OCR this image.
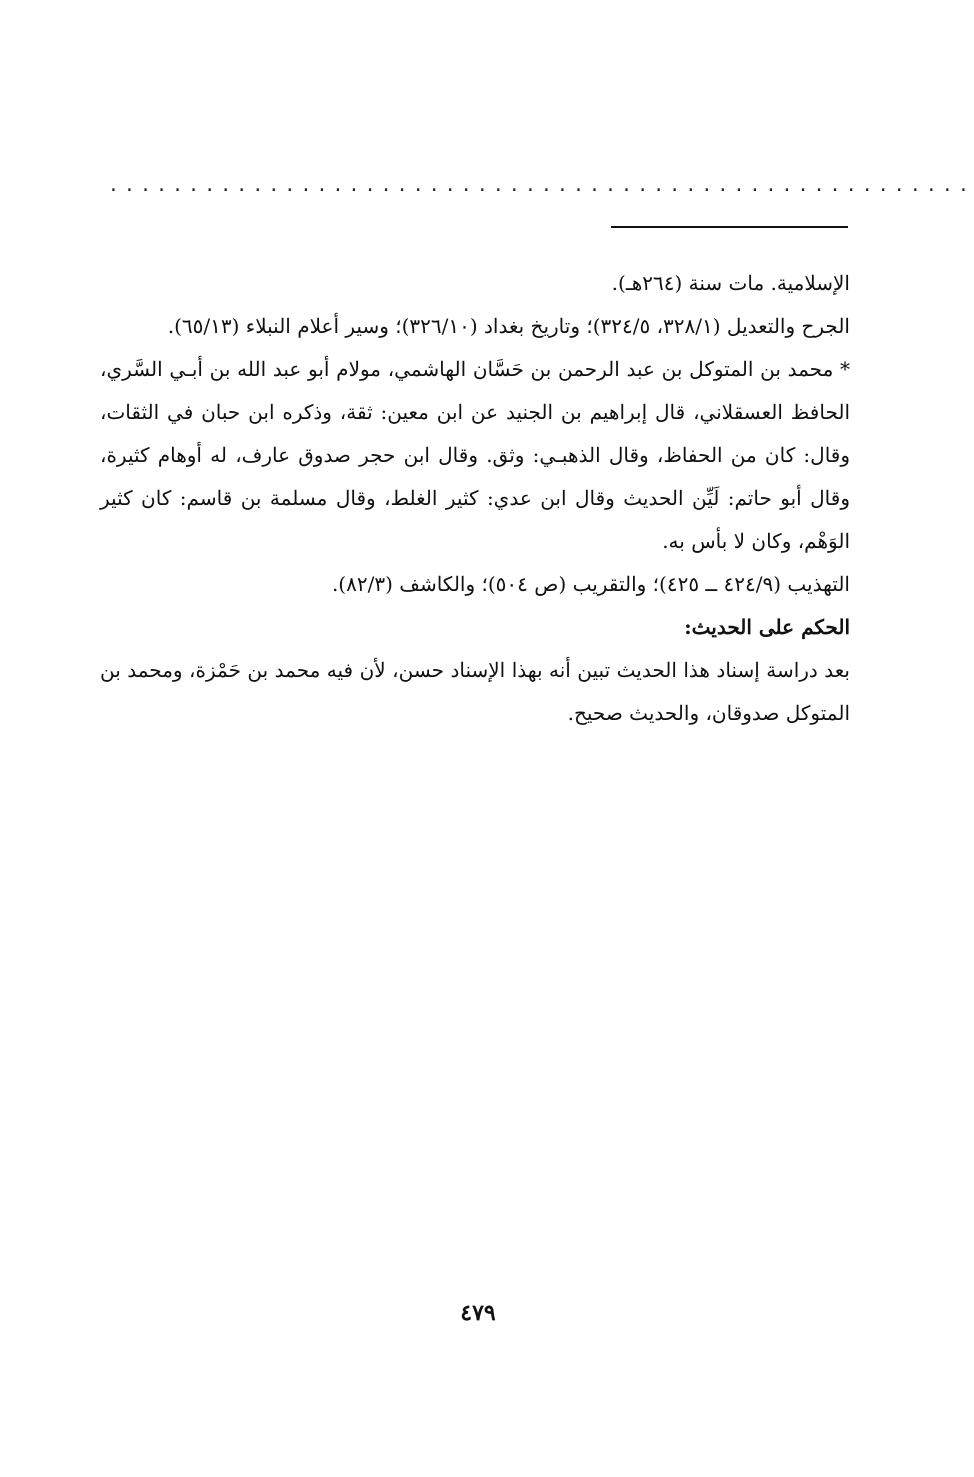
......................................................

الإسلامية. مات سنة (٢٦٤هـ).

الجرح والتعديل (٣٢٨/١، ٣٢٤/٥)؛ وتاريخ بغداد (٣٢٦/١٠)؛ وسير أعلام النبلاء (٦٥/١٣).

* محمد بن المتوكل بن عبد الرحمن بن حَسَّان الهاشمي، مولام أبو عبد الله بن أبـي السَّري، الحافظ العسقلاني، قال إبراهيم بن الجنيد عن ابن معين: ثقة، وذكره ابن حبان في الثقات، وقال: كان من الحفاظ، وقال الذهبـي: وثق. وقال ابن حجر صدوق عارف، له أوهام كثيرة، وقال أبو حاتم: لَيِّن الحديث وقال ابن عدي: كثير الغلط، وقال مسلمة بن قاسم: كان كثير الوَهْم، وكان لا بأس به.

التهذيب (٤٢٤/٩ ــ ٤٢٥)؛ والتقريب (ص ٥٠٤)؛ والكاشف (٨٢/٣).

الحكم على الحديث:

بعد دراسة إسناد هذا الحديث تبين أنه بهذا الإسناد حسن، لأن فيه محمد بن حَمْزة، ومحمد بن المتوكل صدوقان، والحديث صحيح.

٤٧٩
